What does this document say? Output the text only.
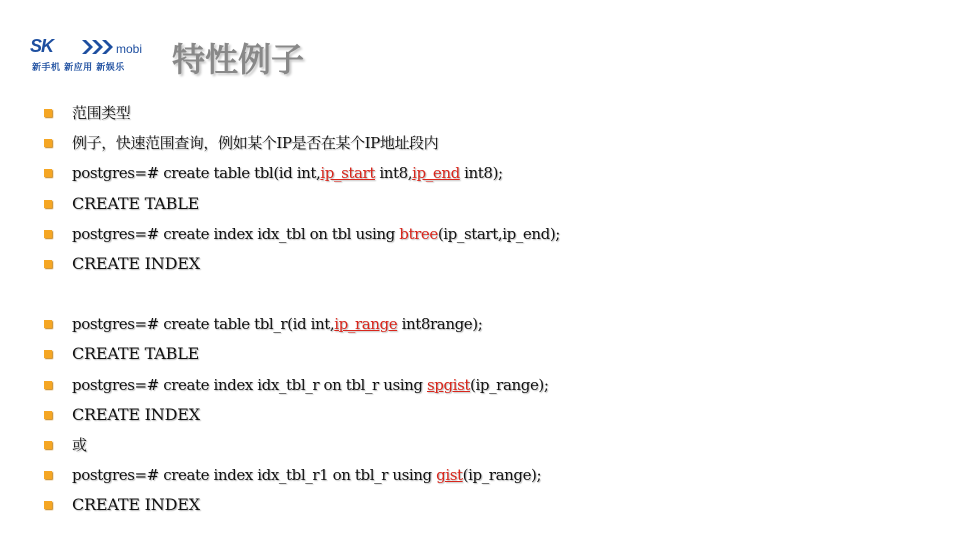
SK	mobi
新手机 新应用 新娱乐 特性例子
范围类型
例子，快速范围查询，例如某个IP是否在某个IP地址段内
postgres=# create table tbl(id int,ip_start int8,ip_end int8);
CREATE TABLE
postgres=# create index idx_tbl on tbl using btree(ip_start,ip_end);
CREATE INDEX
postgres=# create table tbl_r(id int,ip_range int8range);
CREATE TABLE
postgres=# create index idx_tbl_r on tbl_r using spgist(ip_range);
CREATE INDEX
或
postgres=# create index idx_tbl_r1 on tbl_r using gist(ip_range);
CREATE INDEX
